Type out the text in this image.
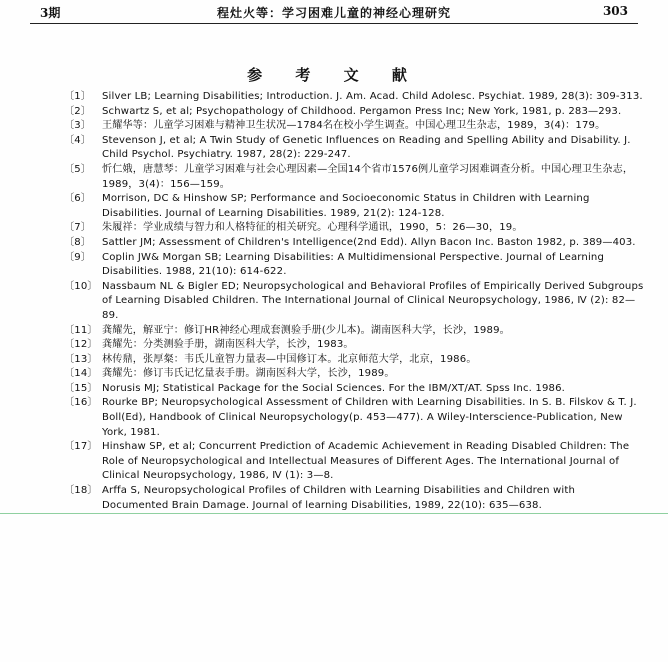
3期	程灶火等：学习困难儿童的神经心理研究	303
参 考 文 献
〔1〕	Silver LB; Learning Disabilities; Introduction. J. Am. Acad. Child Adolesc. Psychiat. 1989, 28(3): 309-313.
〔2〕	Schwartz S, et al; Psychopathology of Childhood. Pergamon Press Inc; New York, 1981, p. 283—293.
〔3〕	王耀华等：儿童学习困难与精神卫生状况—1784名在校小学生调查。中国心理卫生杂志，1989，3(4)：179。
〔4〕	Stevenson J, et al; A Twin Study of Genetic Influences on Reading and Spelling Ability and Disability. J. Child Psychol. Psychiatry. 1987, 28(2): 229-247.
〔5〕	忻仁娥，唐慧琴：儿童学习困难与社会心理因素—全国14个省市1576例儿童学习困难调查分析。中国心理卫生杂志，1989，3(4)：156—159。
〔6〕	Morrison, DC & Hinshow SP; Performance and Socioeconomic Status in Children with Learning Disabilities. Journal of Learning Disabilities. 1989, 21(2): 124-128.
〔7〕	朱履祥：学业成绩与智力和人格特征的相关研究。心理科学通讯，1990，5：26—30，19。
〔8〕	Sattler JM; Assessment of Children's Intelligence(2nd Edd). Allyn Bacon Inc. Baston 1982, p. 389—403.
〔9〕	Coplin JW& Morgan SB; Learning Disabilities: A Multidimensional Perspective. Journal of Learning Disabilities. 1988, 21(10): 614-622.
〔10〕 Nassbaum NL & Bigler ED; Neuropsychological and Behavioral Profiles of Empirically Derived Subgroups of Learning Disabled Children. The International Journal of Clinical Neuropsychology, 1986, Ⅳ (2): 82—89.
〔11〕 龚耀先，解亚宁：修订HR神经心理成套测验手册(少儿本)。湖南医科大学，长沙，1989。
〔12〕 龚耀先：分类测验手册，湖南医科大学，长沙，1983。
〔13〕 林传鼎，张厚粲：韦氏儿童智力量表—中国修订本。北京师范大学，北京，1986。
〔14〕 龚耀先：修订韦氏记忆量表手册。湖南医科大学，长沙，1989。
〔15〕 Norusis MJ; Statistical Package for the Social Sciences. For the IBM/XT/AT. Spss Inc. 1986.
〔16〕 Rourke BP; Neuropsychological Assessment of Children with Learning Disabilities. In S. B. Filskov & T. J. Boll(Ed), Handbook of Clinical Neuropsychology(p. 453—477). A Wiley-Interscience-Publication, New York, 1981.
〔17〕 Hinshaw SP, et al; Concurrent Prediction of Academic Achievement in Reading Disabled Children: The Role of Neuropsychological and Intellectual Measures of Different Ages. The International Journal of Clinical Neuropsychology, 1986, Ⅳ (1): 3—8.
〔18〕 Arffa S, Neuropsychological Profiles of Children with Learning Disabilities and Children with Documented Brain Damage. Journal of learning Disabilities, 1989, 22(10): 635—638.
